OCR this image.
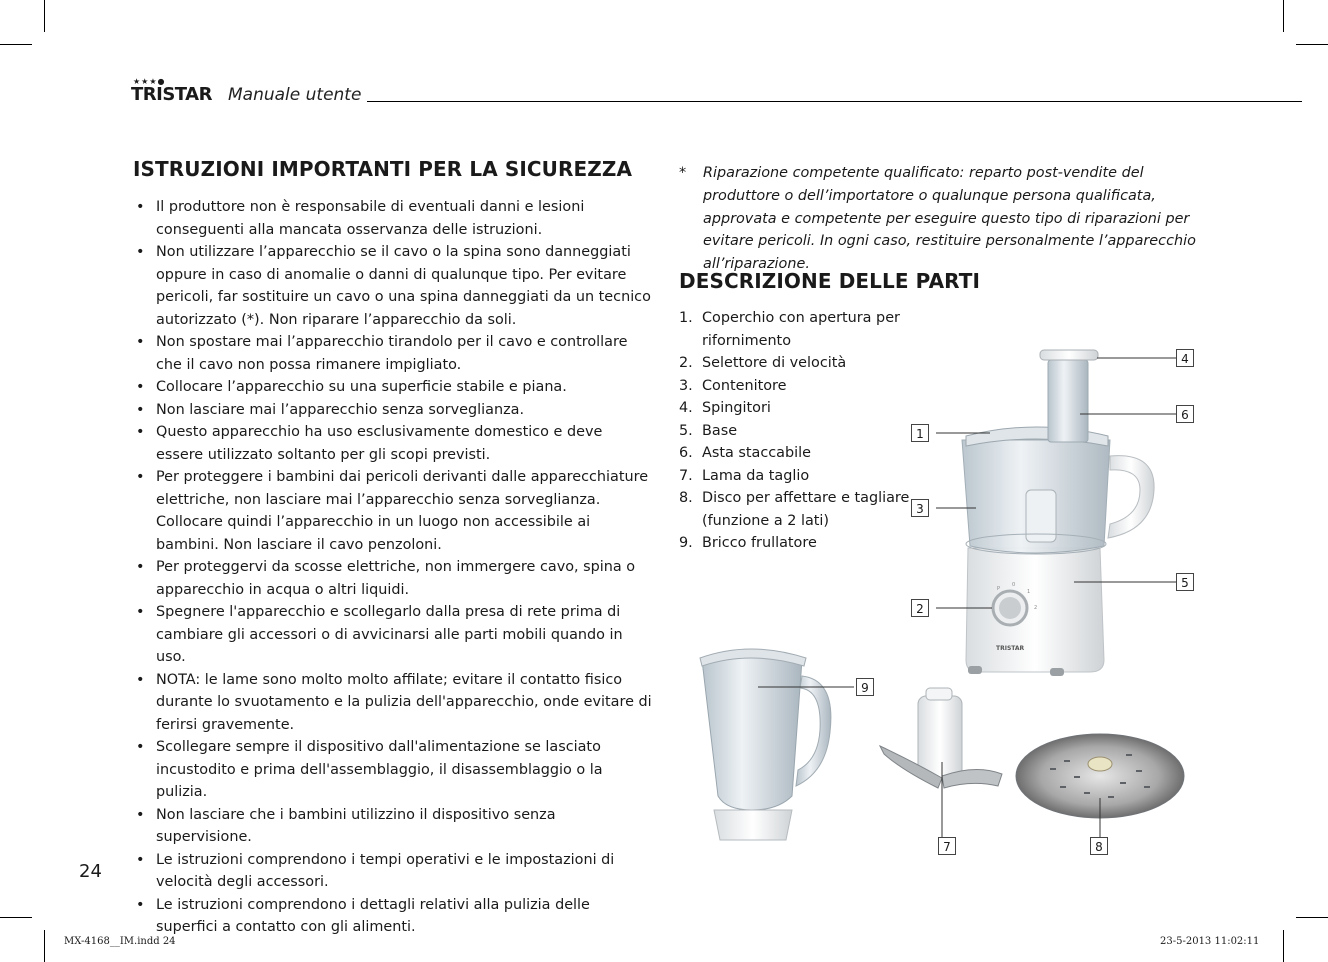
★★★●
TRISTAR Manuale utente
ISTRUZIONI IMPORTANTI PER LA SICUREZZA
• Il produttore non è responsabile di eventuali danni e lesioni conseguenti alla mancata osservanza delle istruzioni.
• Non utilizzare l’apparecchio se il cavo o la spina sono danneggiati oppure in caso di anomalie o danni di qualunque tipo. Per evitare pericoli, far sostituire un cavo o una spina danneggiati da un tecnico autorizzato (*). Non riparare l’apparecchio da soli.
• Non spostare mai l’apparecchio tirandolo per il cavo e controllare che il cavo non possa rimanere impigliato.
• Collocare l’apparecchio su una superficie stabile e piana.
• Non lasciare mai l’apparecchio senza sorveglianza.
• Questo apparecchio ha uso esclusivamente domestico e deve essere utilizzato soltanto per gli scopi previsti.
• Per proteggere i bambini dai pericoli derivanti dalle apparecchiature elettriche, non lasciare mai l’apparecchio senza sorveglianza. Collocare quindi l’apparecchio in un luogo non accessibile ai bambini. Non lasciare il cavo penzoloni.
• Per proteggervi da scosse elettriche, non immergere cavo, spina o apparecchio in acqua o altri liquidi.
• Spegnere l'apparecchio e scollegarlo dalla presa di rete prima di cambiare gli accessori o di avvicinarsi alle parti mobili quando in uso.
• NOTA: le lame sono molto molto affilate; evitare il contatto fisico durante lo svuotamento e la pulizia dell'apparecchio, onde evitare di ferirsi gravemente.
• Scollegare sempre il dispositivo dall'alimentazione se lasciato incustodito e prima dell'assemblaggio, il disassemblaggio o la pulizia.
• Non lasciare che i bambini utilizzino il dispositivo senza supervisione.
• Le istruzioni comprendono i tempi operativi e le impostazioni di velocità degli accessori.
• Le istruzioni comprendono i dettagli relativi alla pulizia delle superfici a contatto con gli alimenti.
* Riparazione competente qualificato: reparto post-vendite del produttore o dell’importatore o qualunque persona qualificata, approvata e competente per eseguire questo tipo di riparazioni per evitare pericoli. In ogni caso, restituire personalmente l’apparecchio all’riparazione.
DESCRIZIONE DELLE PARTI
1. Coperchio con apertura per rifornimento
2. Selettore di velocità
3. Contenitore
4. Spingitori
5. Base
6. Asta staccabile
7. Lama da taglio
8. Disco per affettare e tagliare (funzione a 2 lati)
9. Bricco frullatore
TRISTAR
P
0
1
2
1
2
3
4
5
6
7	8
9
24
MX-4168__IM.indd 24	23-5-2013 11:02:11
